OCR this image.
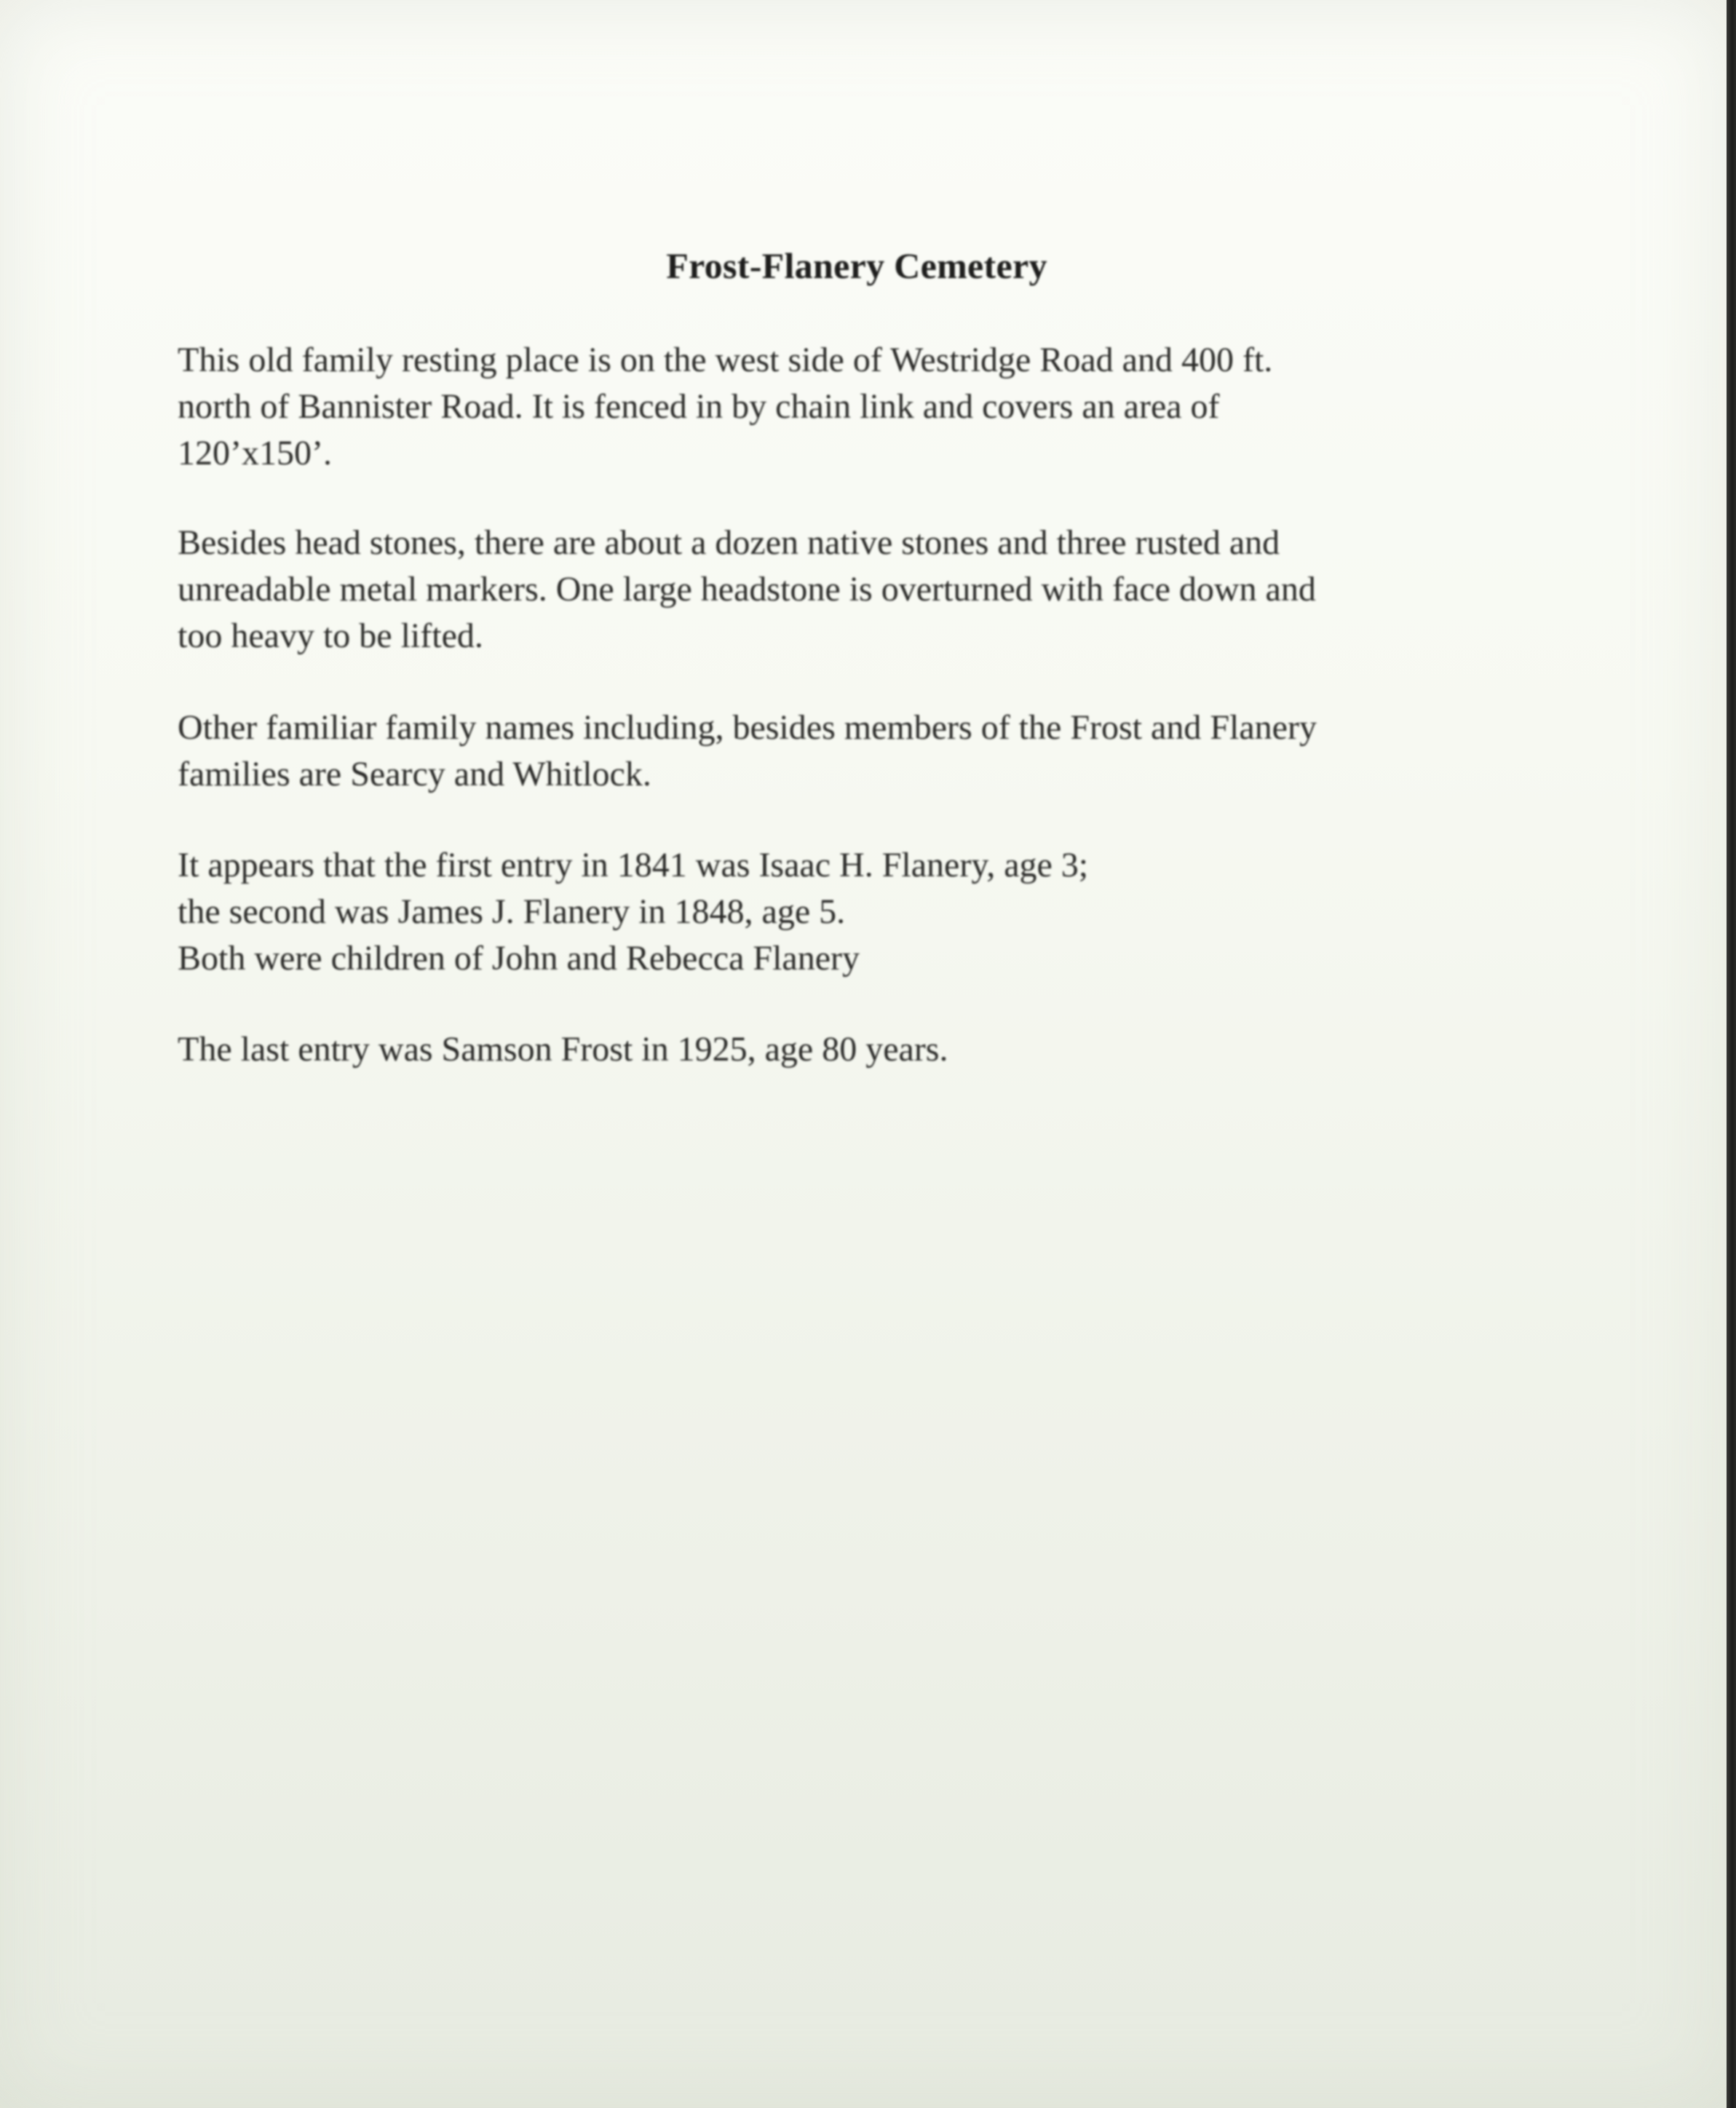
Frost-Flanery Cemetery

This old family resting place is on the west side of Westridge Road and 400 ft.
north of Bannister Road. It is fenced in by chain link and covers an area of
120’x150’.

Besides head stones, there are about a dozen native stones and three rusted and
unreadable metal markers. One large headstone is overturned with face down and
too heavy to be lifted.

Other familiar family names including, besides members of the Frost and Flanery
families are Searcy and Whitlock.

It appears that the first entry in 1841 was Isaac H. Flanery, age 3;
the second was James J. Flanery in 1848, age 5.
Both were children of John and Rebecca Flanery

The last entry was Samson Frost in 1925, age 80 years.
